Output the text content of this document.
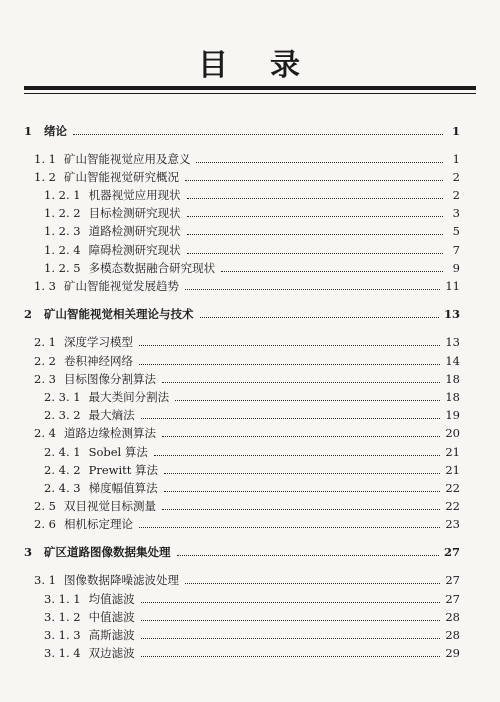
目 录
1 绪论	1
1. 1 矿山智能视觉应用及意义	1
1. 2 矿山智能视觉研究概况	2
1. 2. 1 机器视觉应用现状	2
1. 2. 2 目标检测研究现状	3
1. 2. 3 道路检测研究现状	5
1. 2. 4 障碍检测研究现状	7
1. 2. 5 多模态数据融合研究现状	9
1. 3 矿山智能视觉发展趋势	11
2 矿山智能视觉相关理论与技术	13
2. 1 深度学习模型	13
2. 2 卷积神经网络	14
2. 3 目标图像分割算法	18
2. 3. 1 最大类间分割法	18
2. 3. 2 最大熵法	19
2. 4 道路边缘检测算法	20
2. 4. 1 Sobel 算法	21
2. 4. 2 Prewitt 算法	21
2. 4. 3 梯度幅值算法	22
2. 5 双目视觉目标测量	22
2. 6 相机标定理论	23
3 矿区道路图像数据集处理	27
3. 1 图像数据降噪滤波处理	27
3. 1. 1 均值滤波	27
3. 1. 2 中值滤波	28
3. 1. 3 高斯滤波	28
3. 1. 4 双边滤波	29
